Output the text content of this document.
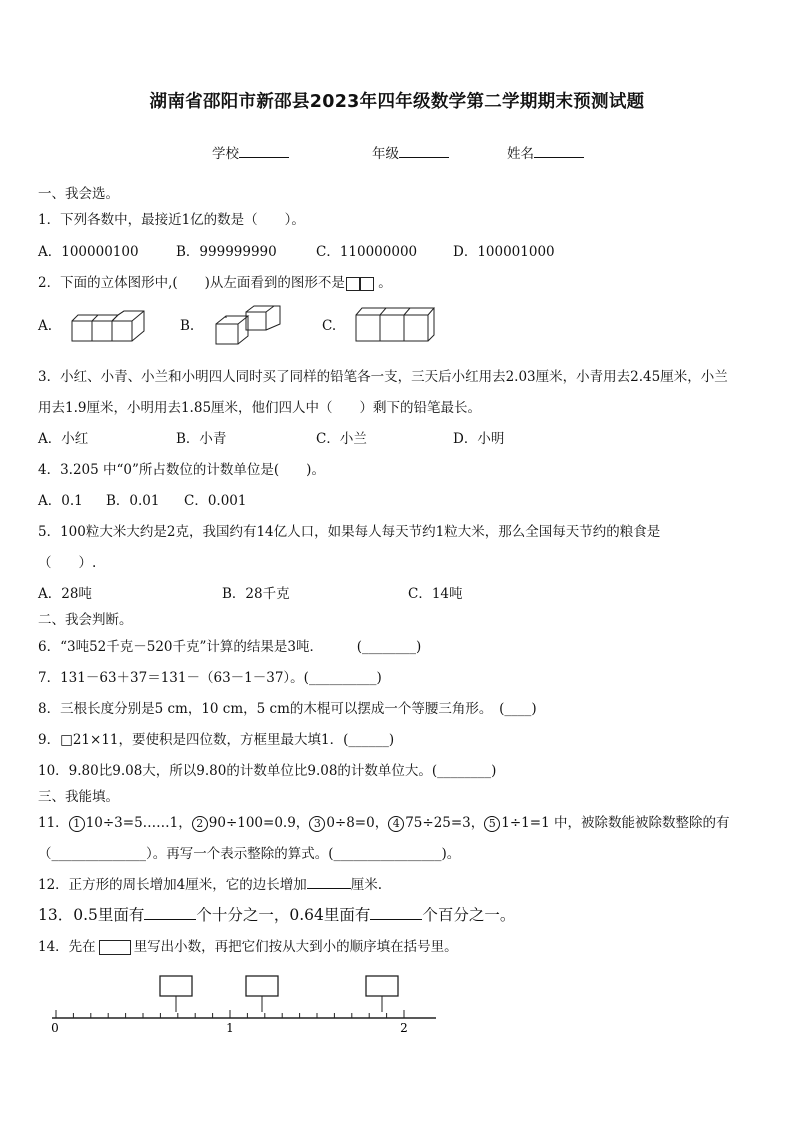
湖南省邵阳市新邵县2023年四年级数学第二学期期末预测试题
学校	年级	姓名
一、我会选。
1．下列各数中，最接近1亿的数是（　　）。
A．100000100	B．999999990	C．110000000	D．100001000
2．下面的立体图形中,(　　)从左面看到的图形不是 。
A.	B.	C.
3．小红、小青、小兰和小明四人同时买了同样的铅笔各一支，三天后小红用去2.03厘米，小青用去2.45厘米，小兰
用去1.9厘米，小明用去1.85厘米，他们四人中（　　）剩下的铅笔最长。
A．小红	B．小青	C．小兰	D．小明
4．3.205 中“0”所占数位的计数单位是(　　)。
A．0.1 B．0.01 C．0.001
5．100粒大米大约是2克，我国约有14亿人口，如果每人每天节约1粒大米，那么全国每天节约的粮食是
（　　）.
A．28吨	B．28千克	C．14吨
二、我会判断。
6．“3吨52千克－520千克”计算的结果是3吨．　　　(________)
7．131－63＋37＝131－（63－1－37）。(__________)
8．三根长度分别是5 cm，10 cm，5 cm的木棍可以摆成一个等腰三角形。　(____)
9．□21×11，要使积是四位数，方框里最大填1．(______)
10．9.80比9.08大，所以9.80的计数单位比9.08的计数单位大。(________)
三、我能填。
11． 1 10÷3=5……1， 2 90÷100=0.9， 3 0÷8=0， 4 75÷25=3， 5 1÷1=1 中，被除数能被除数整除的有
（______________）。再写一个表示整除的算式。(________________)。
12．正方形的周长增加4厘米，它的边长增加	厘米.
13．0.5里面有	个十分之一，0.64里面有	个百分之一。
14．先在	里写出小数，再把它们按从大到小的顺序填在括号里。
0	1	2
